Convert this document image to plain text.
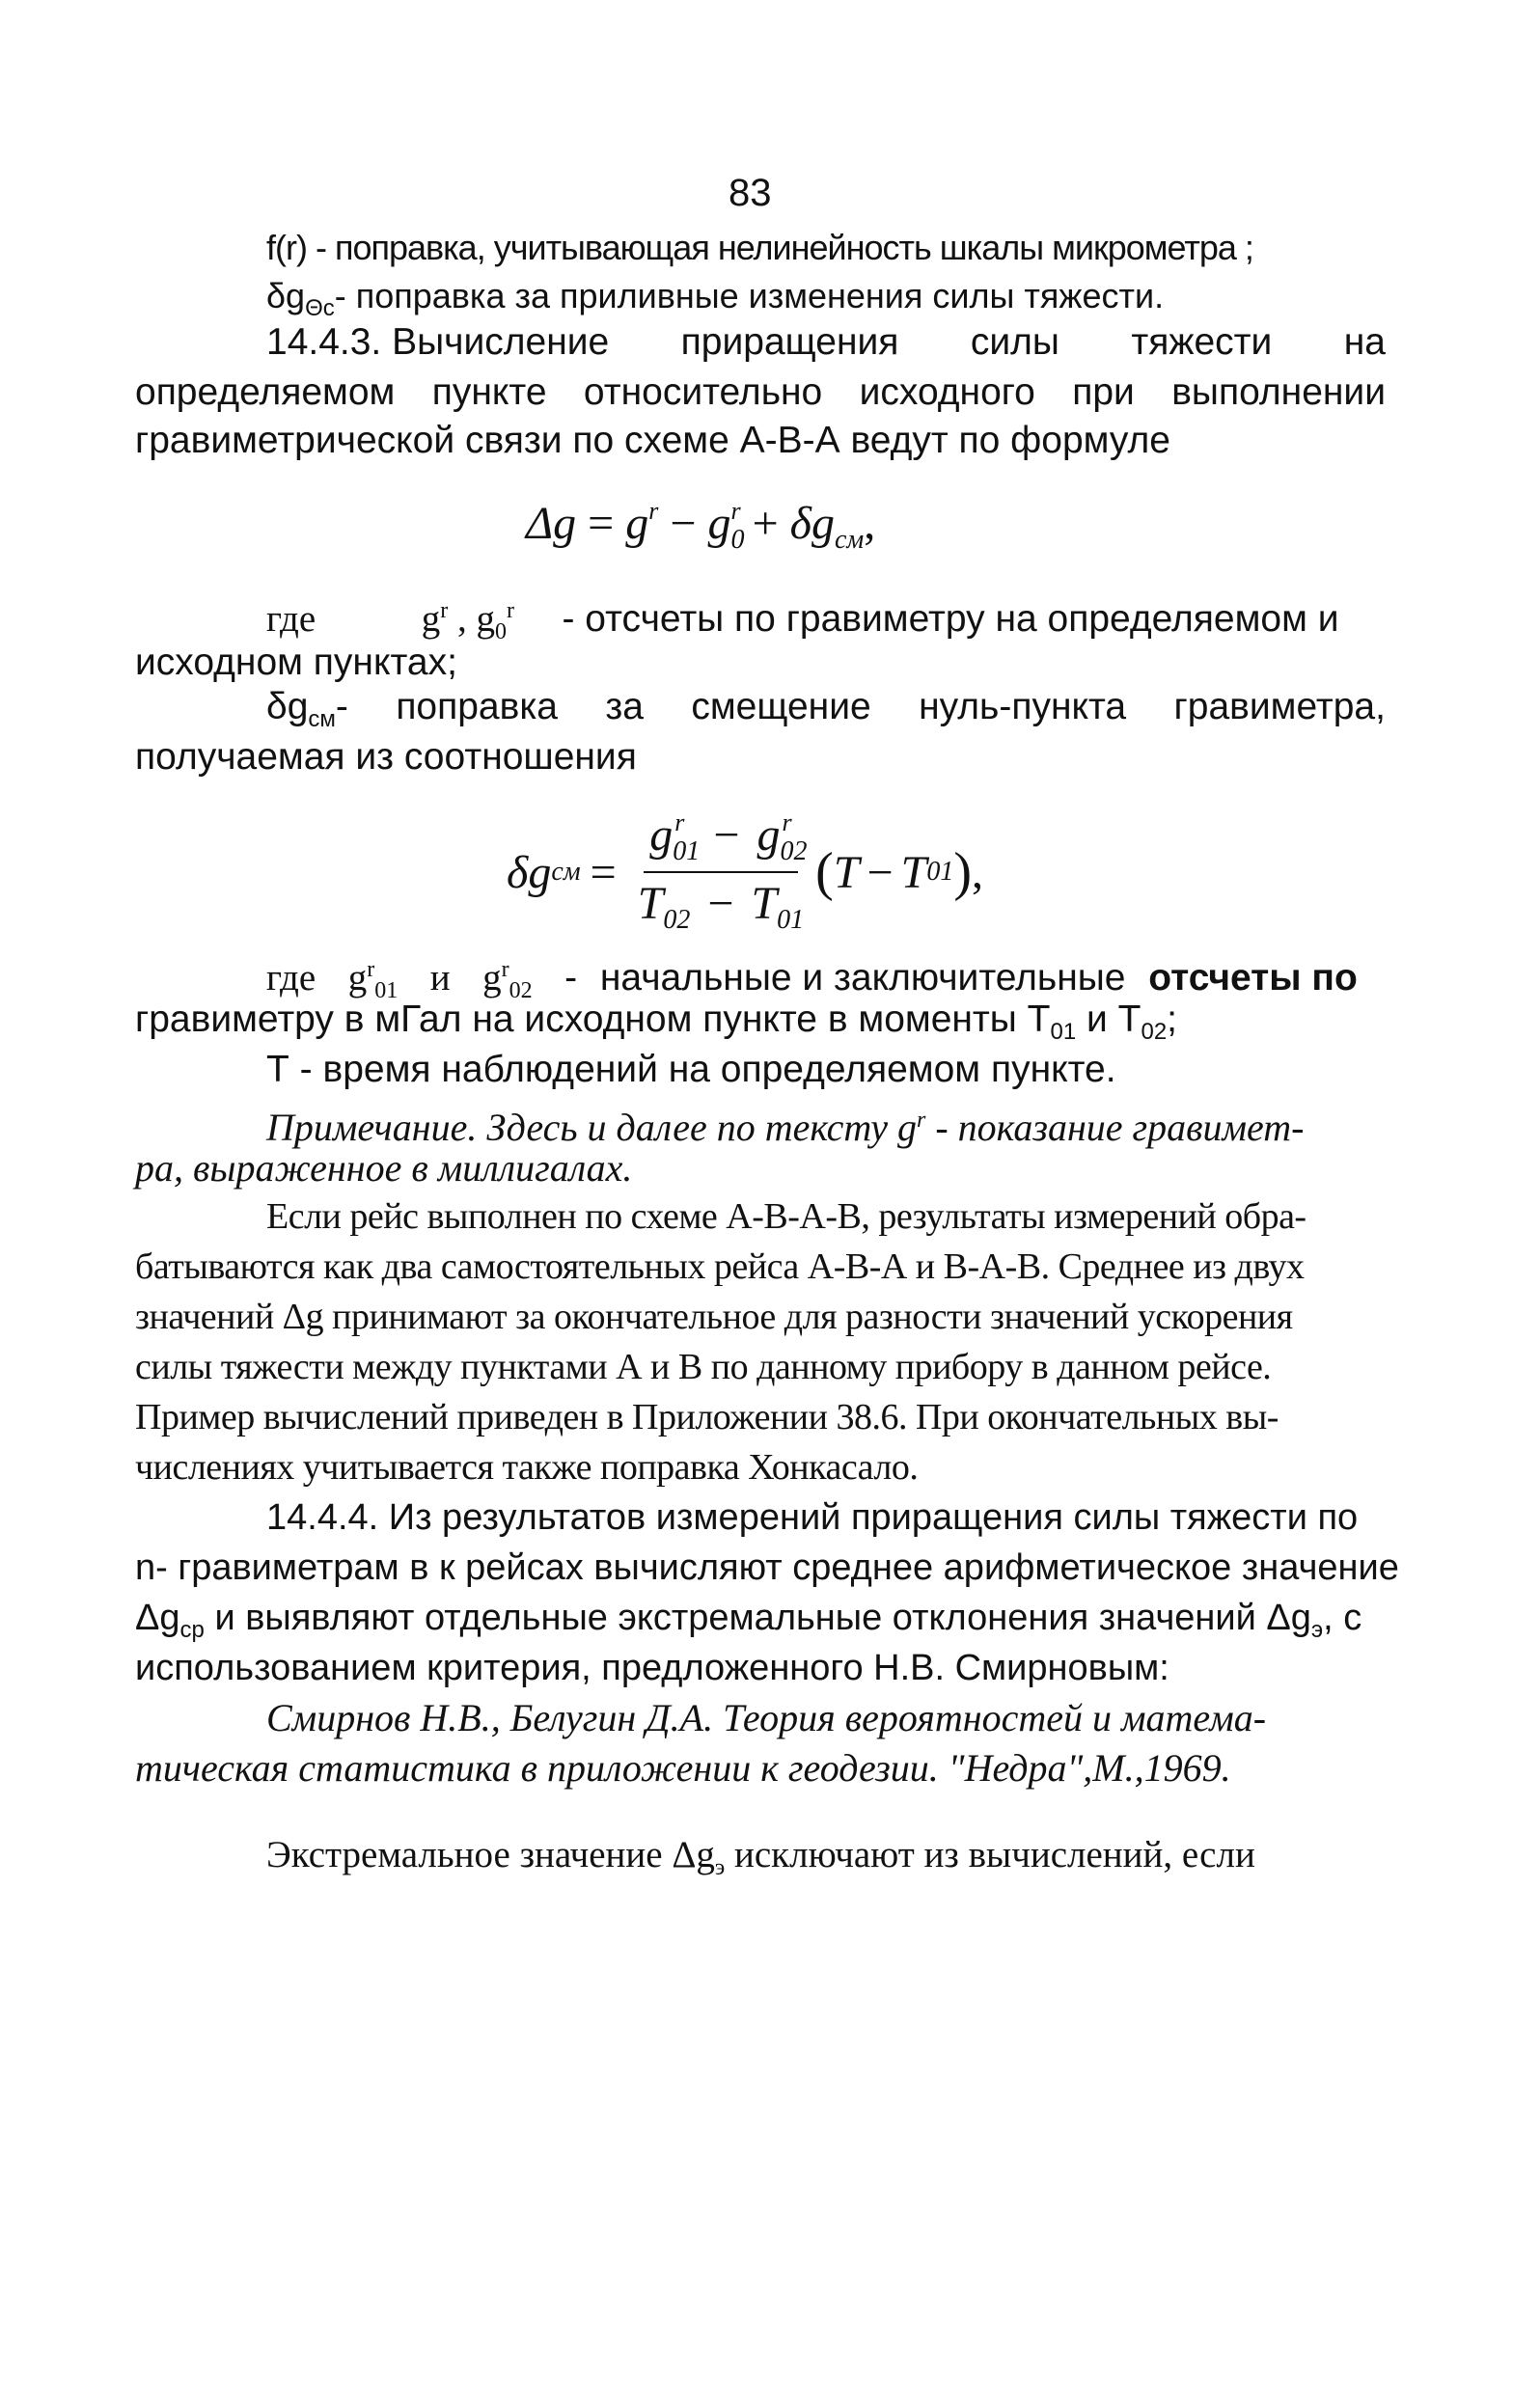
83
f(r) - поправка, учитывающая нелинейность шкалы микрометра ;
$\delta g_{\Theta с}-$ поправка за приливные изменения силы тяжести.
14.4.3. Вычисление приращения силы тяжести на
определяемом пункте относительно исходного при выполнении
гравиметрической связи по схеме А-В-А ведут по формуле
$\Delta g = g^r - g_0^r + \delta g_{см}$,
где	$g^r$ , $g_0^r$ - отсчеты по гравиметру на определяемом и
исходном пунктах;
$\delta g_{см}-$ поправка за смещение нуль-пункта гравиметра,
получаемая из соотношения
δg см = $\frac{g_{01}^r - g_{02}^r}{T_{02} - T_{01}}$ ( T − T 01 ) ,
где $g^r_{01}$ и $g^r_{02}$ - начальные и заключительные отсчеты по
гравиметру в мГал на исходном пункте в моменты $Т_{01}$ и $Т_{02}$;
Т - время наблюдений на определяемом пункте.
Примечание. Здесь и далее по тексту $g^r$ - показание гравимет-
ра, выраженное в миллигалах.
Если рейс выполнен по схеме А-В-А-В, результаты измерений обра-
батываются как два самостоятельных рейса А-В-А и В-А-В. Среднее из двух
значений Δg принимают за окончательное для разности значений ускорения
силы тяжести между пунктами А и В по данному прибору в данном рейсе.
Пример вычислений приведен в Приложении 38.6. При окончательных вы-
числениях учитывается также поправка Хонкасало.
14.4.4. Из результатов измерений приращения силы тяжести по
n- гравиметрам в к рейсах вычисляют среднее арифметическое значение
$\Delta g_{ср}$ и выявляют отдельные экстремальные отклонения значений $\Delta g_э$, с
использованием критерия, предложенного Н.В. Смирновым:
Смирнов Н.В., Белугин Д.А. Теория вероятностей и матема-
тическая статистика в приложении к геодезии. "Недра",М.,1969.
Экстремальное значение $\Delta g_э$ исключают из вычислений, если
